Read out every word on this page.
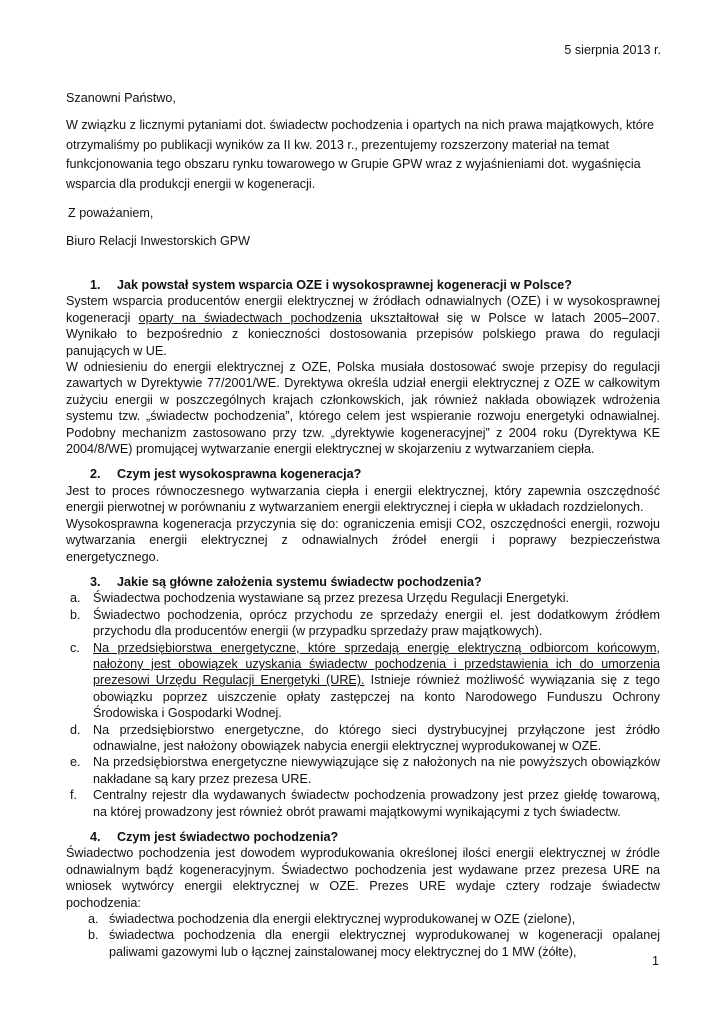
5 sierpnia 2013 r.
Szanowni Państwo,
W związku z licznymi pytaniami dot. świadectw pochodzenia i opartych na nich prawa majątkowych, które otrzymaliśmy po publikacji wyników za II kw. 2013 r., prezentujemy rozszerzony materiał na temat funkcjonowania tego obszaru rynku towarowego w Grupie GPW wraz z wyjaśnieniami dot. wygaśnięcia wsparcia dla produkcji energii w kogeneracji.
Z poważaniem,
Biuro Relacji Inwestorskich GPW

1. Jak powstał system wsparcia OZE i wysokosprawnej kogeneracji w Polsce?

System wsparcia producentów energii elektrycznej w źródłach odnawialnych (OZE) i w wysokosprawnej kogeneracji oparty na świadectwach pochodzenia ukształtował się w Polsce w latach 2005–2007. Wynikało to bezpośrednio z konieczności dostosowania przepisów polskiego prawa do regulacji panujących w UE.

W odniesieniu do energii elektrycznej z OZE, Polska musiała dostosować swoje przepisy do regulacji zawartych w Dyrektywie 77/2001/WE. Dyrektywa określa udział energii elektrycznej z OZE w całkowitym zużyciu energii w poszczególnych krajach członkowskich, jak również nakłada obowiązek wdrożenia systemu tzw. „świadectw pochodzenia”, którego celem jest wspieranie rozwoju energetyki odnawialnej. Podobny mechanizm zastosowano przy tzw. „dyrektywie kogeneracyjnej” z 2004 roku (Dyrektywa KE 2004/8/WE) promującej wytwarzanie energii elektrycznej w skojarzeniu z wytwarzaniem ciepła.

2. Czym jest wysokosprawna kogeneracja?

Jest to proces równoczesnego wytwarzania ciepła i energii elektrycznej, który zapewnia oszczędność energii pierwotnej w porównaniu z wytwarzaniem energii elektrycznej i ciepła w układach rozdzielonych.

Wysokosprawna kogeneracja przyczynia się do: ograniczenia emisji CO2, oszczędności energii, rozwoju wytwarzania energii elektrycznej z odnawialnych źródeł energii i poprawy bezpieczeństwa energetycznego.

3. Jakie są główne założenia systemu świadectw pochodzenia?

a. Świadectwa pochodzenia wystawiane są przez prezesa Urzędu Regulacji Energetyki.
b. Świadectwo pochodzenia, oprócz przychodu ze sprzedaży energii el. jest dodatkowym źródłem przychodu dla producentów energii (w przypadku sprzedaży praw majątkowych).
c. Na przedsiębiorstwa energetyczne, które sprzedają energię elektryczną odbiorcom końcowym, nałożony jest obowiązek uzyskania świadectw pochodzenia i przedstawienia ich do umorzenia prezesowi Urzędu Regulacji Energetyki (URE). Istnieje również możliwość wywiązania się z tego obowiązku poprzez uiszczenie opłaty zastępczej na konto Narodowego Funduszu Ochrony Środowiska i Gospodarki Wodnej.
d. Na przedsiębiorstwo energetyczne, do którego sieci dystrybucyjnej przyłączone jest źródło odnawialne, jest nałożony obowiązek nabycia energii elektrycznej wyprodukowanej w OZE.
e. Na przedsiębiorstwa energetyczne niewywiązujące się z nałożonych na nie powyższych obowiązków nakładane są kary przez prezesa URE.
f. Centralny rejestr dla wydawanych świadectw pochodzenia prowadzony jest przez giełdę towarową, na której prowadzony jest również obrót prawami majątkowymi wynikającymi z tych świadectw.

4. Czym jest świadectwo pochodzenia?

Świadectwo pochodzenia jest dowodem wyprodukowania określonej ilości energii elektrycznej w źródle odnawialnym bądź kogeneracyjnym. Świadectwo pochodzenia jest wydawane przez prezesa URE na wniosek wytwórcy energii elektrycznej w OZE. Prezes URE wydaje cztery rodzaje świadectw pochodzenia:

a. świadectwa pochodzenia dla energii elektrycznej wyprodukowanej w OZE (zielone),
b. świadectwa pochodzenia dla energii elektrycznej wyprodukowanej w kogeneracji opalanej paliwami gazowymi lub o łącznej zainstalowanej mocy elektrycznej do 1 MW (żółte),
1
